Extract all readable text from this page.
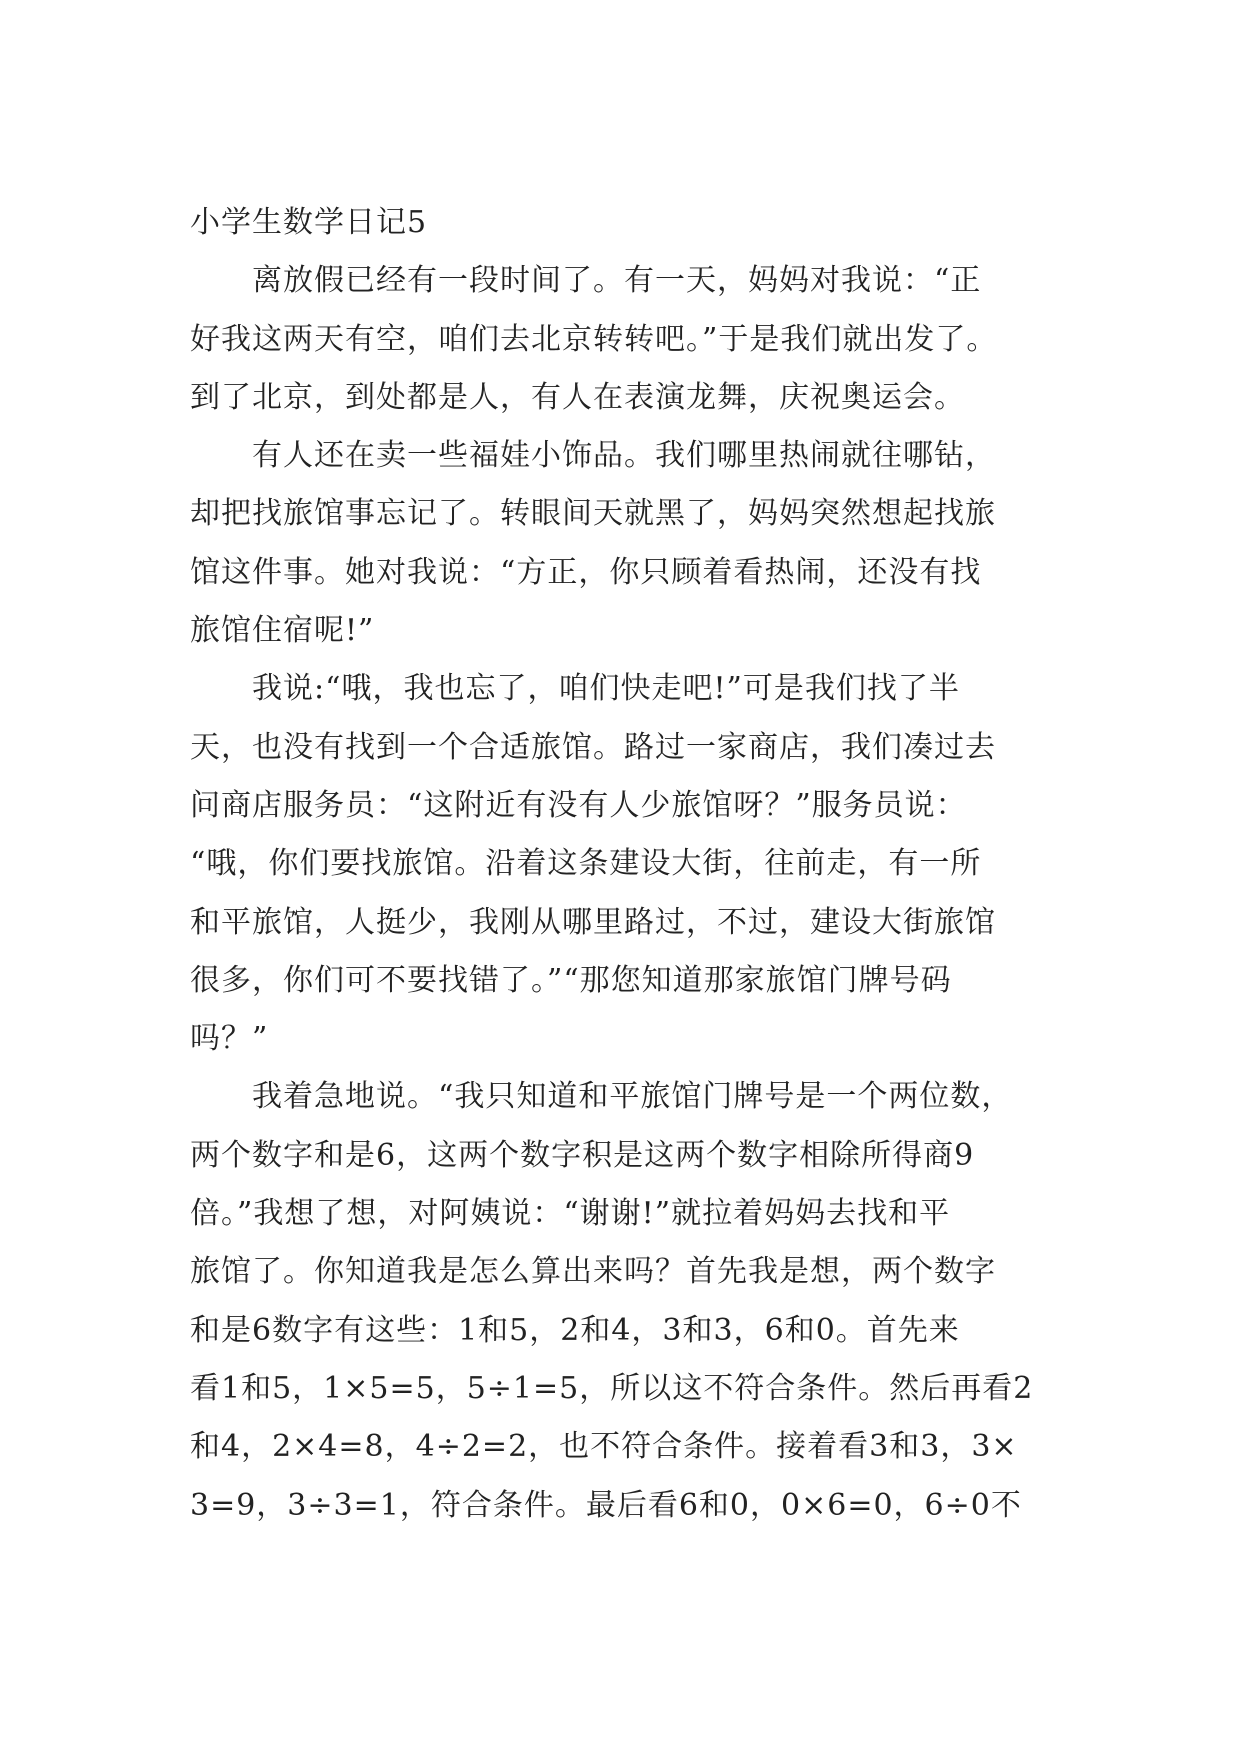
小学生数学日记5
　　离放假已经有一段时间了。有一天，妈妈对我说：“正
好我这两天有空，咱们去北京转转吧。”于是我们就出发了。
到了北京，到处都是人，有人在表演龙舞，庆祝奥运会。
　　有人还在卖一些福娃小饰品。我们哪里热闹就往哪钻，
却把找旅馆事忘记了。转眼间天就黑了，妈妈突然想起找旅
馆这件事。她对我说：“方正，你只顾着看热闹，还没有找
旅馆住宿呢!”
　　我说:“哦，我也忘了，咱们快走吧!”可是我们找了半
天，也没有找到一个合适旅馆。路过一家商店，我们凑过去
问商店服务员：“这附近有没有人少旅馆呀？”服务员说：
“哦，你们要找旅馆。沿着这条建设大街，往前走，有一所
和平旅馆，人挺少，我刚从哪里路过，不过，建设大街旅馆
很多，你们可不要找错了。”“那您知道那家旅馆门牌号码
吗？”
　　我着急地说。“我只知道和平旅馆门牌号是一个两位数，
两个数字和是6，这两个数字积是这两个数字相除所得商9
倍。”我想了想，对阿姨说：“谢谢!”就拉着妈妈去找和平
旅馆了。你知道我是怎么算出来吗？首先我是想，两个数字
和是6数字有这些：1和5，2和4，3和3，6和0。首先来
看1和5，1×5=5，5÷1=5，所以这不符合条件。然后再看2
和4，2×4=8，4÷2=2，也不符合条件。接着看3和3，3×
3=9，3÷3=1，符合条件。最后看6和0，0×6=0，6÷0不
